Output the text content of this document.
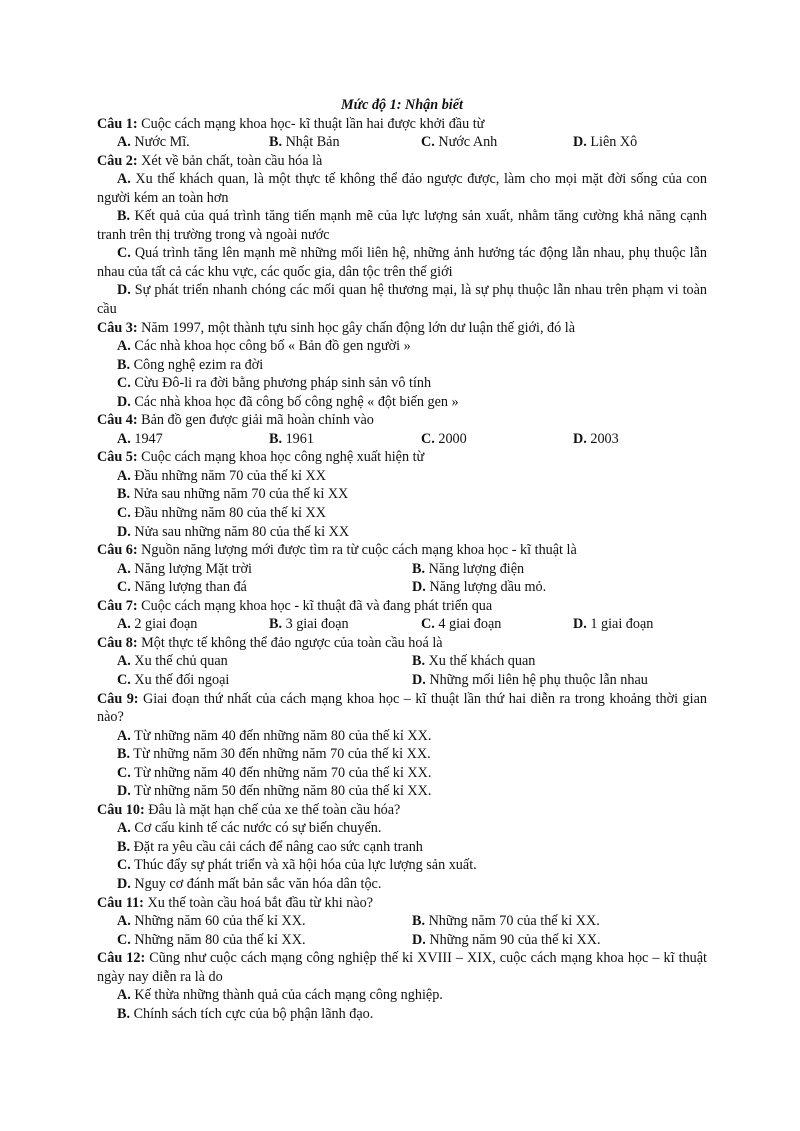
Mức độ 1: Nhận biết
Câu 1: Cuộc cách mạng khoa học- kĩ thuật lần hai được khởi đầu từ
A. Nước Mĩ.	B. Nhật Bản	C. Nước Anh	D. Liên Xô
Câu 2: Xét về bản chất, toàn cầu hóa là
A. Xu thế khách quan, là một thực tế không thể đảo ngược được, làm cho mọi mặt đời sống của con người kém an toàn hơn
B. Kết quả của quá trình tăng tiến mạnh mẽ của lực lượng sản xuất, nhằm tăng cường khả năng cạnh tranh trên thị trường trong và ngoài nước
C. Quá trình tăng lên mạnh mẽ những mối liên hệ, những ảnh hưởng tác động lẫn nhau, phụ thuộc lẫn nhau của tất cả các khu vực, các quốc gia, dân tộc trên thế giới
D. Sự phát triển nhanh chóng các mối quan hệ thương mại, là sự phụ thuộc lẫn nhau trên phạm vi toàn cầu
Câu 3: Năm 1997, một thành tựu sinh học gây chấn động lớn dư luận thế giới, đó là
A. Các nhà khoa học công bố « Bản đồ gen người »
B. Công nghệ ezim ra đời
C. Cừu Đô-li ra đời bằng phương pháp sinh sản vô tính
D. Các nhà khoa học đã công bố công nghệ « đột biến gen »
Câu 4: Bản đồ gen được giải mã hoàn chỉnh vào
A. 1947	B. 1961	C. 2000	D. 2003
Câu 5: Cuộc cách mạng khoa học công nghệ xuất hiện từ
A. Đầu những năm 70 của thế kỉ XX
B. Nửa sau những năm 70 của thế kỉ XX
C. Đầu những năm 80 của thế kỉ XX
D. Nửa sau những năm 80 của thế kỉ XX
Câu 6: Nguồn năng lượng mới được tìm ra từ cuộc cách mạng khoa học - kĩ thuật là
A. Năng lượng Mặt trời	B. Năng lượng điện
C. Năng lượng than đá	D. Năng lượng dầu mỏ.
Câu 7: Cuộc cách mạng khoa học - kĩ thuật đã và đang phát triển qua
A. 2 giai đoạn	B. 3 giai đoạn	C. 4 giai đoạn	D. 1 giai đoạn
Câu 8: Một thực tế không thể đảo ngược của toàn cầu hoá là
A. Xu thế chủ quan	B. Xu thế khách quan
C. Xu thế đối ngoại	D. Những mối liên hệ phụ thuộc lẫn nhau
Câu 9: Giai đoạn thứ nhất của cách mạng khoa học – kĩ thuật lần thứ hai diễn ra trong khoảng thời gian nào?
A. Từ những năm 40 đến những năm 80 của thế kỉ XX.
B. Từ những năm 30 đến những năm 70 của thế kỉ XX.
C. Từ những năm 40 đến những năm 70 của thế kỉ XX.
D. Từ những năm 50 đến những năm 80 của thế kỉ XX.
Câu 10: Đâu là mặt hạn chế của xe thế toàn cầu hóa?
A. Cơ cấu kinh tế các nước có sự biến chuyển.
B. Đặt ra yêu cầu cải cách để nâng cao sức cạnh tranh
C. Thúc đẩy sự phát triển và xã hội hóa của lực lượng sản xuất.
D. Nguy cơ đánh mất bản sắc văn hóa dân tộc.
Câu 11: Xu thế toàn cầu hoá bắt đầu từ khi nào?
A. Những năm 60 của thế kỉ XX.	B. Những năm 70 của thế kỉ XX.
C. Những năm 80 của thế kỉ XX.	D. Những năm 90 của thế kỉ XX.
Câu 12: Cũng như cuộc cách mạng công nghiệp thế kỉ XVIII – XIX, cuộc cách mạng khoa học – kĩ thuật ngày nay diễn ra là do
A. Kế thừa những thành quả của cách mạng công nghiệp.
B. Chính sách tích cực của bộ phận lãnh đạo.
